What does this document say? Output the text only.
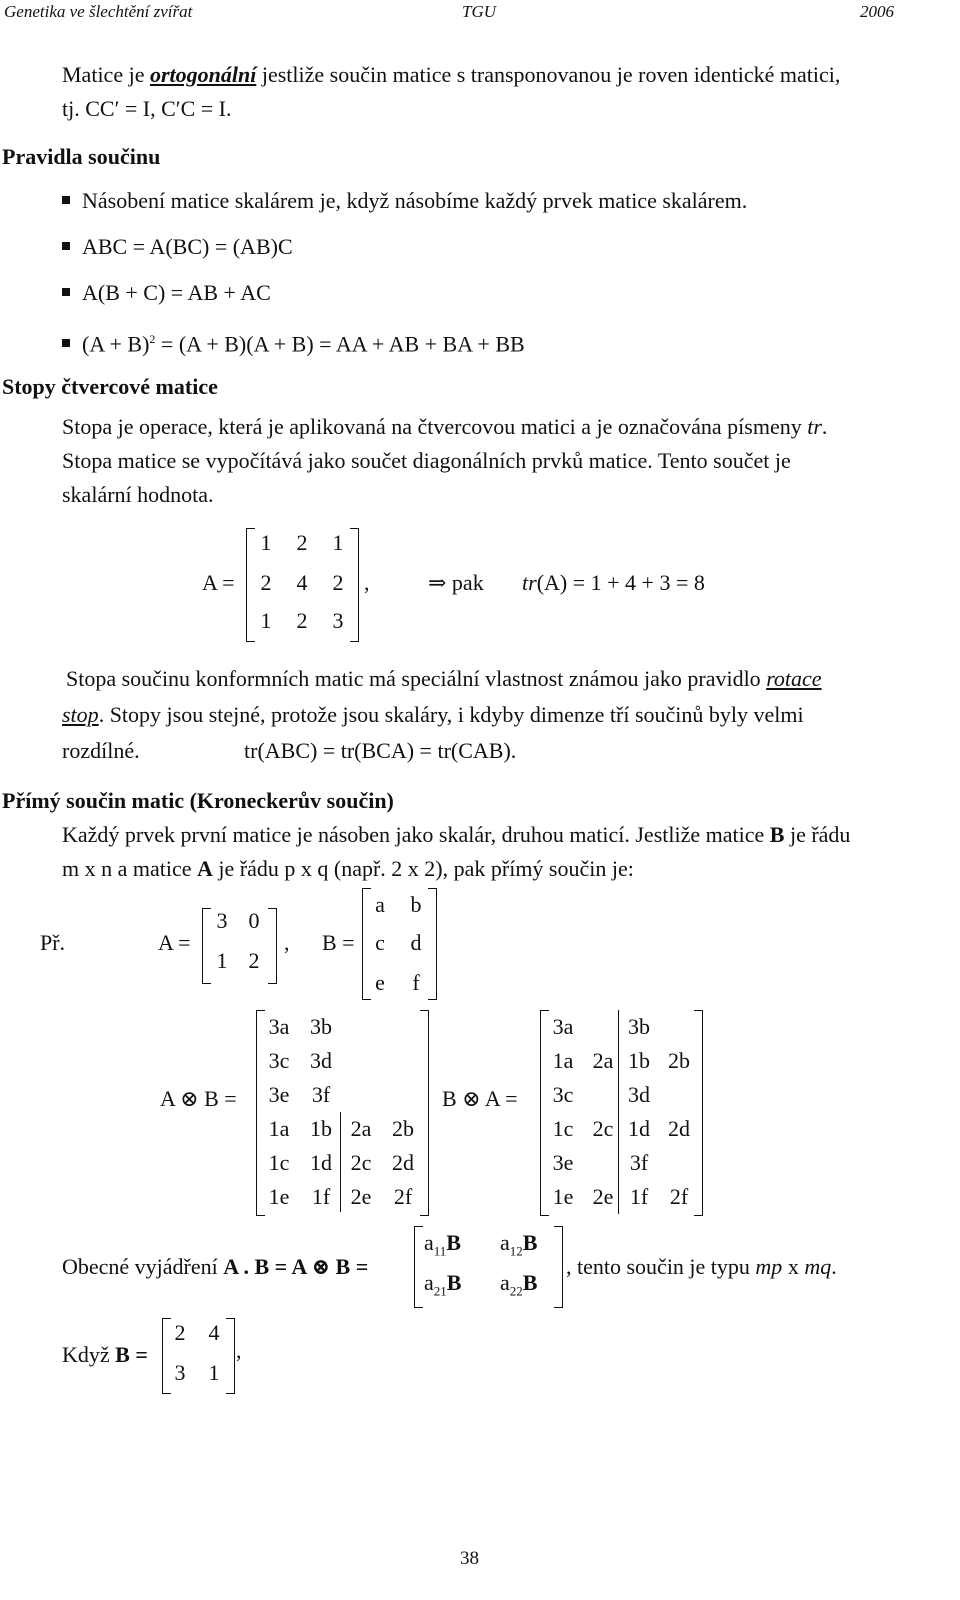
Genetika ve šlechtění zvířat	TGU	2006
Matice je ortogonální jestliže součin matice s transponovanou je roven identické matici,
tj. CC′ = I, C′C = I.
Pravidla součinu
Násobení matice skalárem je, když násobíme každý prvek matice skalárem.
ABC = A(BC) = (AB)C
A(B + C) = AB + AC
$(A + B)^2 = (A + B)(A + B)$ = AA + AB + BA + BB
Stopy čtvercové matice
Stopa je operace, která je aplikovaná na čtvercovou matici a je označována písmeny tr.
Stopa matice se vypočítává jako součet diagonálních prvků matice. Tento součet je
skalární hodnota.
A =
1 2 1
2 4 2
1 2 3
,	⇒ pak tr(A) = 1 + 4 + 3 = 8
Stopa součinu konformních matic má speciální vlastnost známou jako pravidlo rotace
stop. Stopy jsou stejné, protože jsou skaláry, i kdyby dimenze tří součinů byly velmi
rozdílné.	tr(ABC) = tr(BCA) = tr(CAB).
Přímý součin matic (Kroneckerův součin)
Každý prvek první matice je násoben jako skalár, druhou maticí. Jestliže matice B je řádu
m x n a matice A je řádu p x q (např. 2 x 2), pak přímý součin je:
Př.	A =
3 0
1 2
, B =
a	b
c	d
e	f
A ⊗ B =
3a 3b
3c 3d
3e	3f
1a 1b 2a 2b
1c 1d 2c 2d
1e	1f 2e	2f
B ⊗ A =
3a	3b
1a 2a 1b 2b
3c	3d
1c 2c 1d 2d
3e	3f
1e 2e 1f 2f
Obecné vyjádření A . B = A ⊗ B =
$a_{11}B$ $a_{12}B$
$a_{21}B$ $a_{22}B$
, tento součin je typu mp x mq.
Když B =
2 4
3 1
,
38
